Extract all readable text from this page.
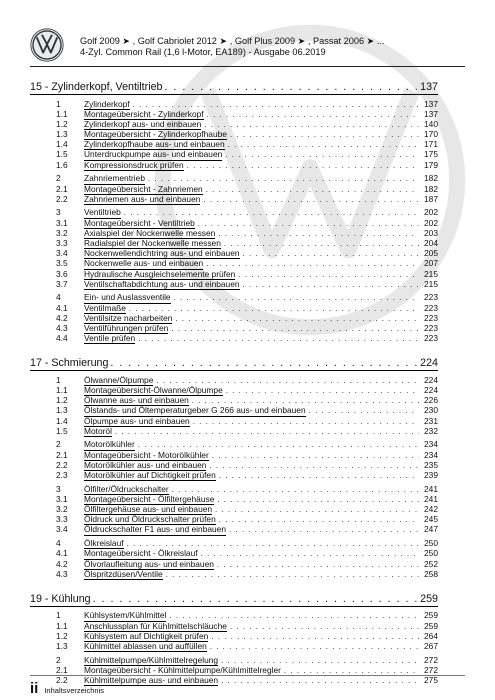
Golf 2009 ➤ , Golf Cabriolet 2012 ➤ , Golf Plus 2009 ➤ , Passat 2006 ➤ ...
4-Zyl. Common Rail (1,6 l-Motor, EA189) - Ausgabe 06.2019
15 - Zylinderkopf, Ventiltrieb . . .	137
1	Zylinderkopf . . .	137
1.1	Montageübersicht - Zylinderkopf . . .	137
1.2	Zylinderkopf aus- und einbauen . . .	140
1.3	Montageübersicht - Zylinderkopfhaube . . .	170
1.4	Zylinderkopfhaube aus- und einbauen . . .	171
1.5	Unterdruckpumpe aus- und einbauen . . .	175
1.6	Kompressionsdruck prüfen . . .	179
2	Zahnriementrieb . . .	182
2.1	Montageübersicht - Zahnriemen . . .	182
2.2	Zahnriemen aus- und einbauen . . .	187
3	Ventiltrieb . . .	202
3.1	Montageübersicht - Ventiltrieb . . .	202
3.2	Axialspiel der Nockenwelle messen . . .	203
3.3	Radialspiel der Nockenwelle messen . . .	204
3.4	Nockenwellendichtring aus- und einbauen . . .	205
3.5	Nockenwelle aus- und einbauen . . .	207
3.6	Hydraulische Ausgleichselemente prüfen . . .	215
3.7	Ventilschaftabdichtung aus- und einbauen . . .	215
4	Ein- und Auslassventile . . .	223
4.1	Ventilmaße . . .	223
4.2	Ventilsitze nacharbeiten . . .	223
4.3	Ventilführungen prüfen . . .	223
4.4	Ventile prüfen . . .	223
17 - Schmierung . . .	224
1	Ölwanne/Ölpumpe . . .	224
1.1	Montageübersicht-Ölwanne/Ölpumpe . . .	224
1.2	Ölwanne aus- und einbauen . . .	226
1.3	Ölstands- und Öltemperaturgeber G 266 aus- und einbauen . . .	230
1.4	Ölpumpe aus- und einbauen . . .	231
1.5	Motoröl . . .	232
2	Motorölkühler . . .	234
2.1	Montageübersicht - Motorölkühler . . .	234
2.2	Motorölkühler aus- und einbauen . . .	235
2.3	Motorölkühler auf Dichtigkeit prüfen . . .	239
3	Ölfilter/Öldruckschalter . . .	241
3.1	Montageübersicht - Ölfiltergehäuse . . .	241
3.2	Ölfiltergehäuse aus- und einbauen . . .	242
3.3	Öldruck und Öldruckschalter prüfen . . .	245
3.4	Öldruckschalter F1 aus- und einbauen . . .	247
4	Ölkreislauf . . .	250
4.1	Montageübersicht - Ölkreislauf . . .	250
4.2	Ölvorlaufleitung aus- und einbauen . . .	252
4.3	Ölspritzdüsen/Ventile . . .	258
19 - Kühlung . . .	259
1	Kühlsystem/Kühlmittel . . .	259
1.1	Anschlussplan für Kühlmittelschläuche . . .	259
1.2	Kühlsystem auf Dichtigkeit prüfen . . .	264
1.3	Kühlmittel ablassen und auffüllen . . .	267
2	Kühlmittelpumpe/Kühlmittelregelung . . .	272
2.1	Montageübersicht - Kühlmittelpumpe/Kühlmittelregler . . .	272
2.2	Kühlmittelpumpe aus- und einbauen . . .	275
ii Inhaltsverzeichnis
